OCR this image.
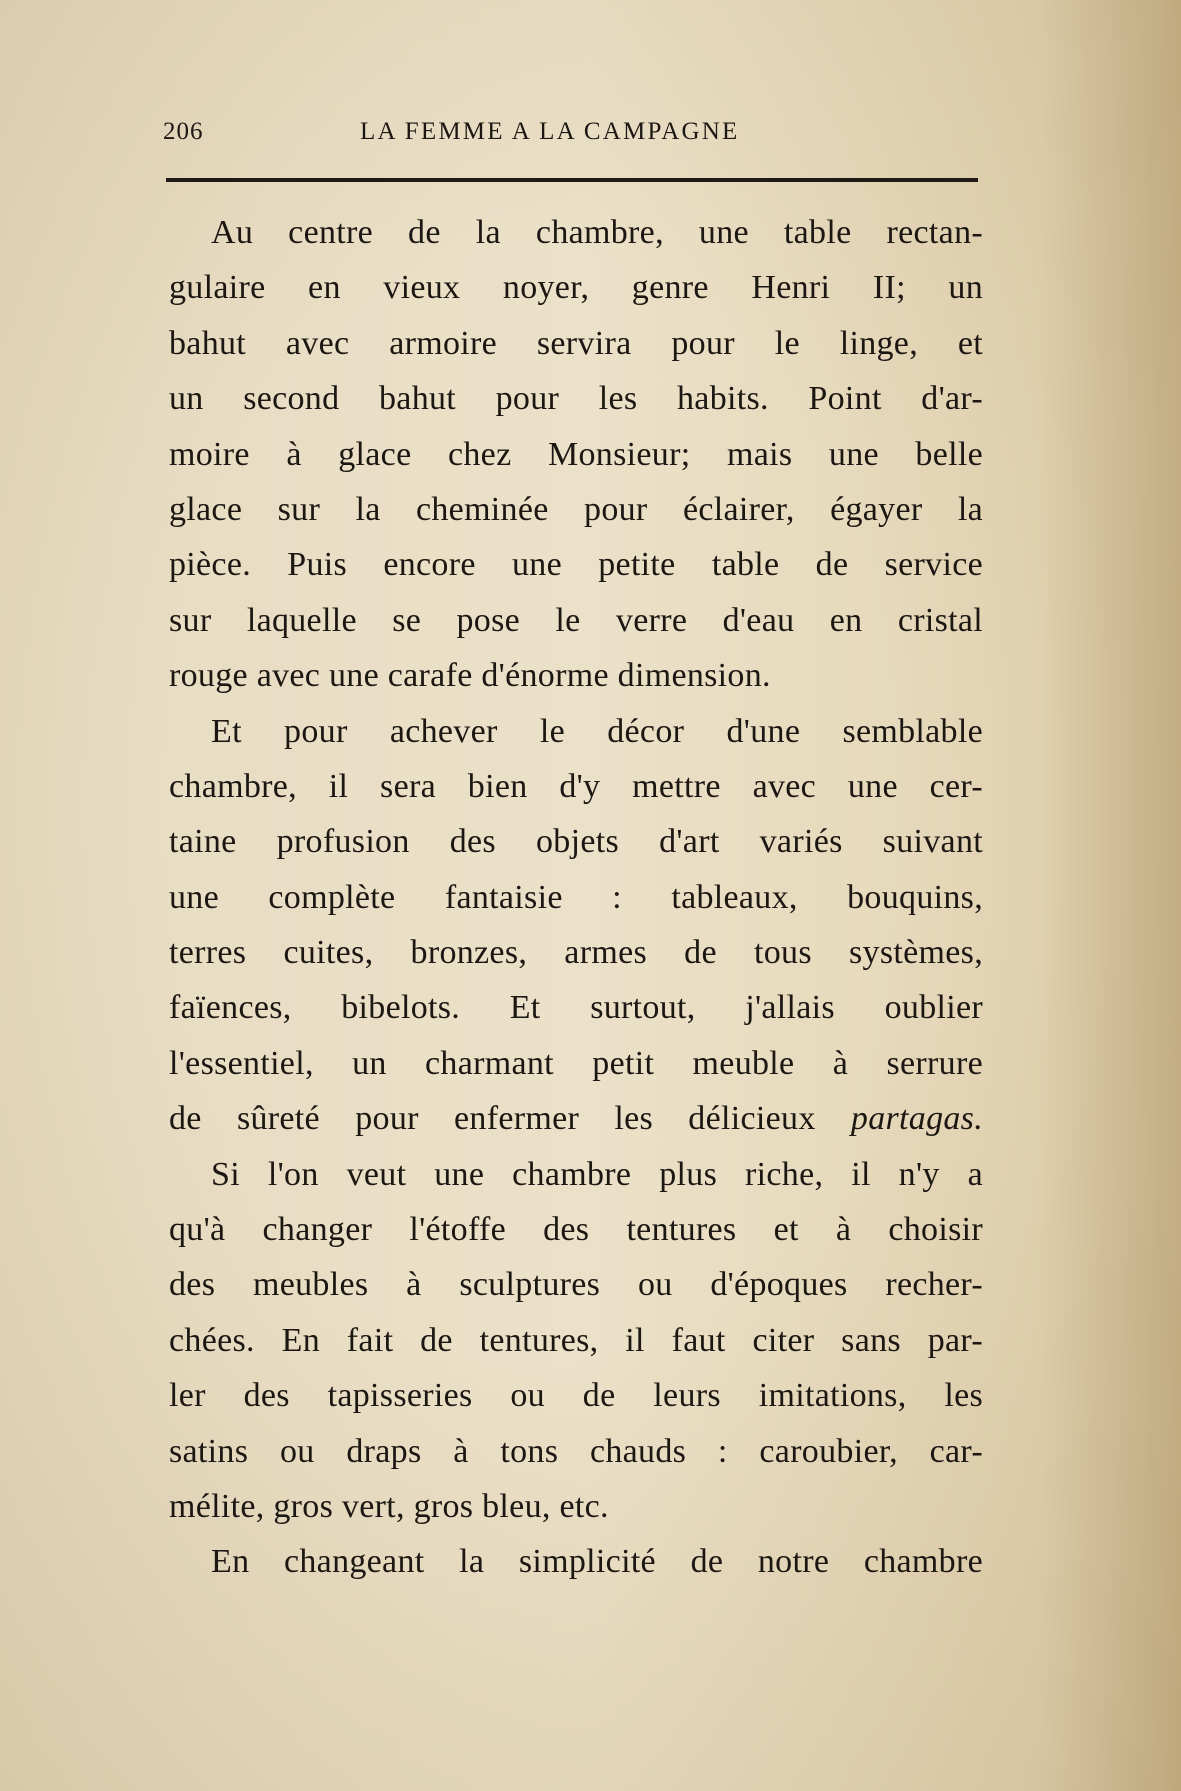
206	LA FEMME A LA CAMPAGNE
Au centre de la chambre, une table rectan-
gulaire en vieux noyer, genre Henri II; un
bahut avec armoire servira pour le linge, et
un second bahut pour les habits. Point d'ar-
moire à glace chez Monsieur; mais une belle
glace sur la cheminée pour éclairer, égayer la
pièce. Puis encore une petite table de service
sur laquelle se pose le verre d'eau en cristal
rouge avec une carafe d'énorme dimension.
Et pour achever le décor d'une semblable
chambre, il sera bien d'y mettre avec une cer-
taine profusion des objets d'art variés suivant
une complète fantaisie : tableaux, bouquins,
terres cuites, bronzes, armes de tous systèmes,
faïences, bibelots. Et surtout, j'allais oublier
l'essentiel, un charmant petit meuble à serrure
de sûreté pour enfermer les délicieux partagas.
Si l'on veut une chambre plus riche, il n'y a
qu'à changer l'étoffe des tentures et à choisir
des meubles à sculptures ou d'époques recher-
chées. En fait de tentures, il faut citer sans par-
ler des tapisseries ou de leurs imitations, les
satins ou draps à tons chauds : caroubier, car-
mélite, gros vert, gros bleu, etc.
En changeant la simplicité de notre chambre
